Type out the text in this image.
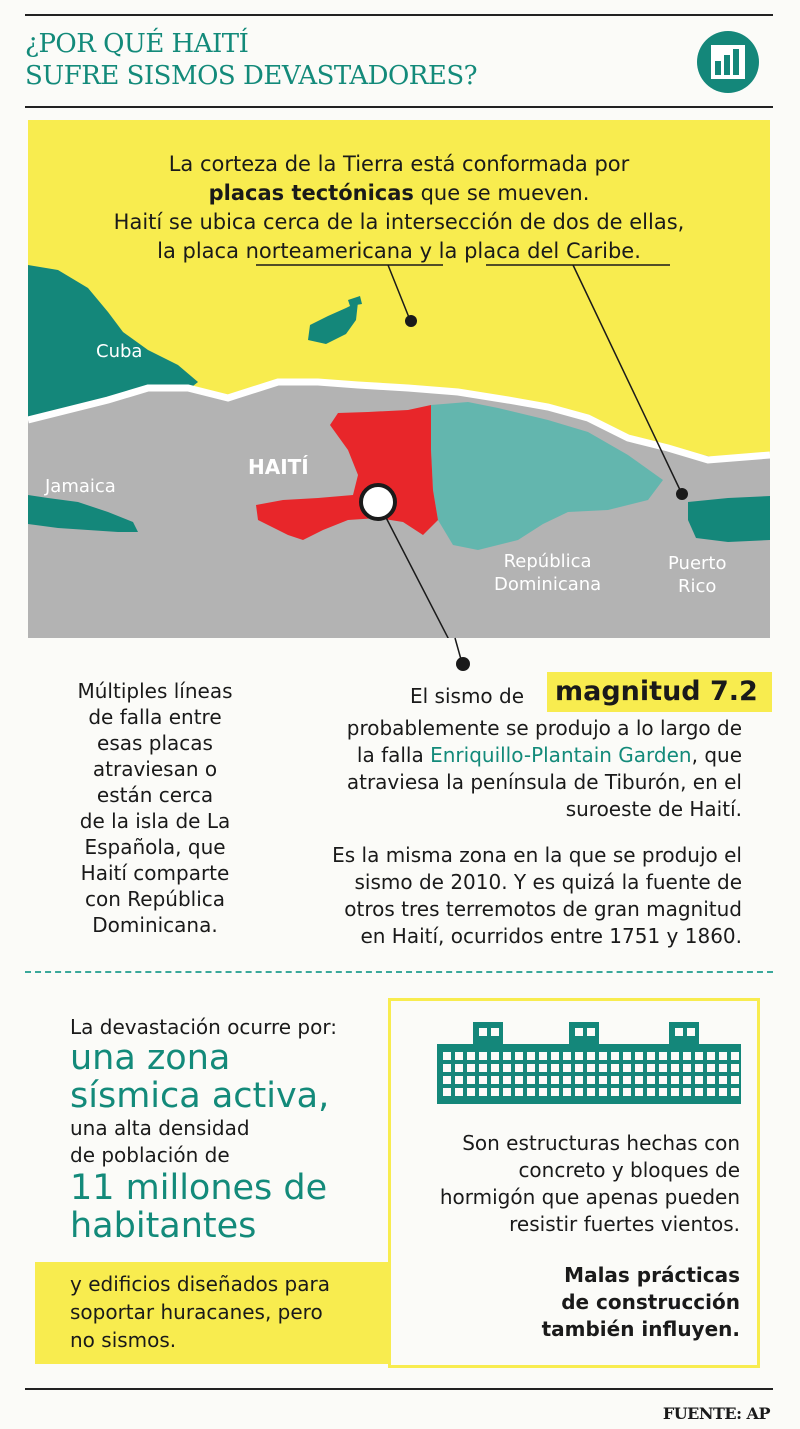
¿POR QUÉ HAITÍ
SUFRE SISMOS DEVASTADORES?
Cuba
Jamaica
República
Dominicana
Puerto
Rico
HAITÍ
La corteza de la Tierra está conformada por
placas tectónicas que se mueven.
Haití se ubica cerca de la intersección de dos de ellas,
la placa norteamericana y la placa del Caribe.
Múltiples líneas
de falla entre
esas placas
atraviesan o
están cerca
de la isla de La
Española, que
Haití comparte
con República
Dominicana.
El sismo de magnitud 7.2
probablemente se produjo a lo largo de
la falla Enriquillo-Plantain Garden, que
atraviesa la península de Tiburón, en el
suroeste de Haití.
Es la misma zona en la que se produjo el
sismo de 2010. Y es quizá la fuente de
otros tres terremotos de gran magnitud
en Haití, ocurridos entre 1751 y 1860.
La devastación ocurre por:
una zona
sísmica activa,
una alta densidad
de población de
11 millones de
habitantes
y edificios diseñados para
soportar huracanes, pero
no sismos.
Son estructuras hechas con
concreto y bloques de
hormigón que apenas pueden
resistir fuertes vientos.
Malas prácticas
de construcción
también influyen.
FUENTE: AP
